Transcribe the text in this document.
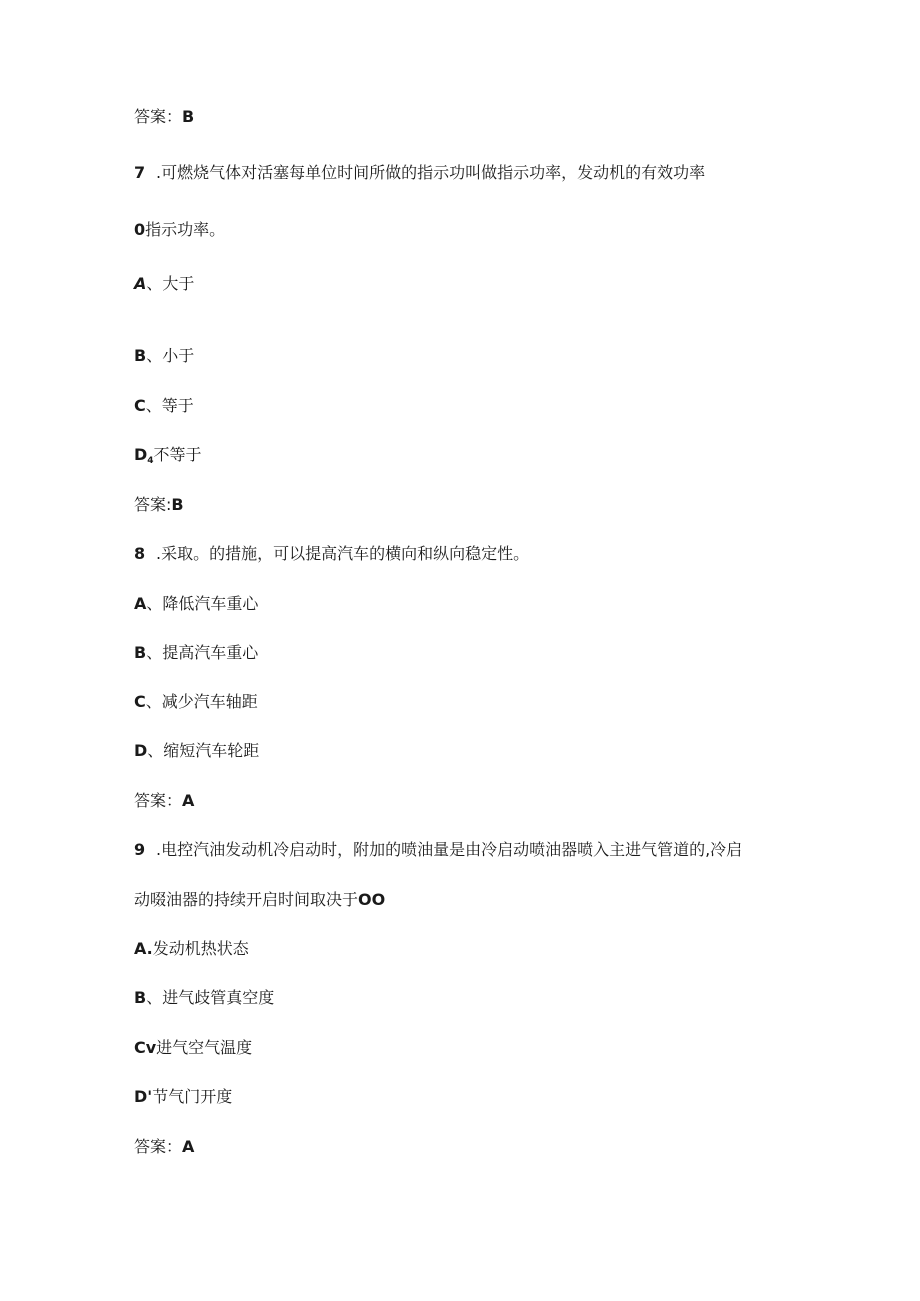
答案：B
7 .可燃烧气体对活塞每单位时间所做的指示功叫做指示功率，发动机的有效功率
0指示功率。
A、大于
B、小于
C、等于
D4不等于
答案:B
8 .采取。的措施，可以提高汽车的横向和纵向稳定性。
A、降低汽车重心
B、提高汽车重心
C、减少汽车轴距
D、缩短汽车轮距
答案：A
9 .电控汽油发动机冷启动时，附加的喷油量是由冷启动喷油器喷入主进气管道的,冷启
动啜油器的持续开启时间取决于OO
A.发动机热状态
B、进气歧管真空度
Cv进气空气温度
D'节气门开度
答案：A
